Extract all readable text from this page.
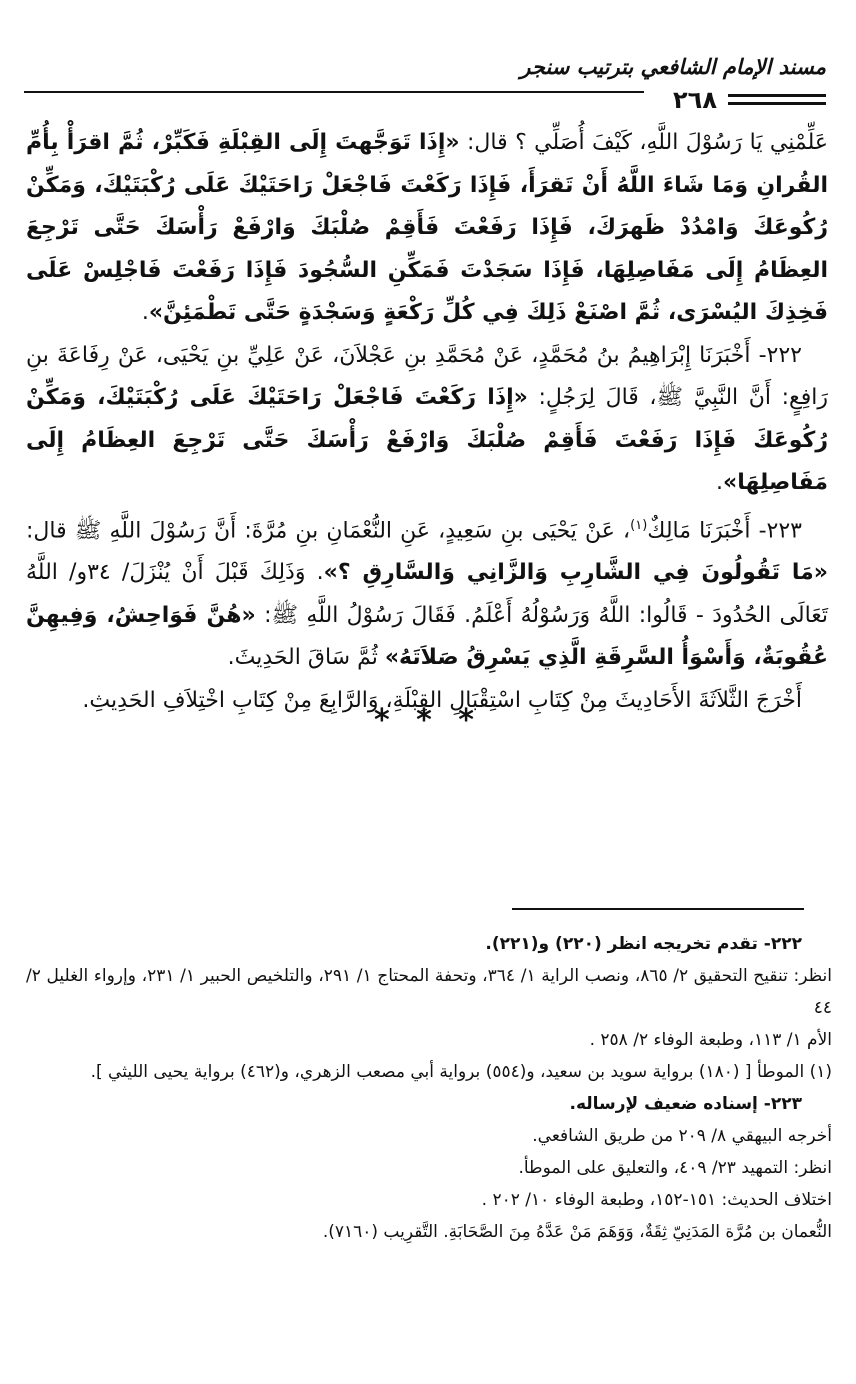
مسند الإمام الشافعي بترتيب سنجر
٢٦٨

عَلِّمْنِي يَا رَسُوْلَ اللَّهِ، كَيْفَ أُصَلِّي ؟ قال: «إِذَا تَوَجَّهتَ إِلَى القِبْلَةِ فَكَبِّرْ، ثُمَّ اقرَأْ بِأُمِّ القُرانِ وَمَا شَاءَ اللَّهُ أَنْ تَقرَأَ، فَإِذَا رَكَعْتَ فَاجْعَلْ رَاحَتَيْكَ عَلَى رُكْبَتَيْكَ، وَمَكِّنْ رُكُوعَكَ وَامْدُدْ ظَهرَكَ، فَإِذَا رَفَعْتَ فَأَقِمْ صُلْبَكَ وَارْفَعْ رَأْسَكَ حَتَّى تَرْجِعَ العِظَامُ إِلَى مَفَاصِلِهَا، فَإِذَا سَجَدْتَ فَمَكِّنِ السُّجُودَ فَإِذَا رَفَعْتَ فَاجْلِسْ عَلَى فَخِذِكَ اليُسْرَى، ثُمَّ اصْنَعْ ذَلِكَ فِي كُلِّ رَكْعَةٍ وَسَجْدَةٍ حَتَّى تَطْمَئِنَّ».

٢٢٢- أَخْبَرَنَا إِبْرَاهِيمُ بنُ مُحَمَّدٍ، عَنْ مُحَمَّدِ بنِ عَجْلاَنَ، عَنْ عَلِيِّ بنِ يَحْيَى، عَنْ رِفَاعَةَ بنِ رَافِعٍ: أَنَّ النَّبِيَّ ﷺ، قَالَ لِرَجُلٍ: «إِذَا رَكَعْتَ فَاجْعَلْ رَاحَتَيْكَ عَلَى رُكْبَتَيْكَ، وَمَكِّنْ رُكُوعَكَ فَإِذَا رَفَعْتَ فَأَقِمْ صُلْبَكَ وَارْفَعْ رَأْسَكَ حَتَّى تَرْجِعَ العِظَامُ إِلَى مَفَاصِلِهَا».

٢٢٣- أَخْبَرَنَا مَالِكٌ$^{(١)}$، عَنْ يَحْيَى بنِ سَعِيدٍ، عَنِ النُّعْمَانِ بنِ مُرَّةَ: أَنَّ رَسُوْلَ اللَّهِ ﷺ قال: «مَا تَقُولُونَ فِي الشَّارِبِ وَالزَّانِي وَالسَّارِقِ ؟». وَذَلِكَ قَبْلَ أَنْ يُنْزَلَ/ ٣٤و/ اللَّهُ تَعَالَى الحُدُودَ - قَالُوا: اللَّهُ وَرَسُوْلُهُ أَعْلَمُ. فَقَالَ رَسُوْلُ اللَّهِ ﷺ: «هُنَّ فَوَاحِشُ، وَفِيهِنَّ عُقُوبَةٌ، وَأَسْوَأُ السَّرِقَةِ الَّذِي يَسْرِقُ صَلاَتَهُ» ثُمَّ سَاقَ الحَدِيثَ.

أَخْرَجَ الثَّلاَثَةَ الأَحَادِيثَ مِنْ كِتَابِ اسْتِقْبَالِ القِبْلَةِ، وَالرَّابِعَ مِنْ كِتَابِ اخْتِلاَفِ الحَدِيثِ.

* * *

٢٢٢- تقدم تخريجه انظر (٢٢٠) و(٢٢١).

انظر: تنقيح التحقيق ٢/ ٨٦٥، ونصب الراية ١/ ٣٦٤، وتحفة المحتاج ١/ ٢٩١، والتلخيص الحبير ١/ ٢٣١، وإرواء الغليل ٢/ ٤٤

الأم ١/ ١١٣، وطبعة الوفاء ٢/ ٢٥٨ .

(١) الموطأ [ (١٨٠) برواية سويد بن سعيد، و(٥٥٤) برواية أبي مصعب الزهري، و(٤٦٢) برواية يحيى الليثي ].

٢٢٣- إسناده ضعيف لإرساله.

أخرجه البيهقي ٨/ ٢٠٩ من طريق الشافعي.

انظر: التمهيد ٢٣/ ٤٠٩، والتعليق على الموطأ.

اختلاف الحديث: ١٥١-١٥٢، وطبعة الوفاء ١٠/ ٢٠٢ .

النُّعمان بن مُرَّة المَدَنِيّ ثِقَةٌ، وَوَهَمَ مَنْ عَدَّهُ مِنَ الصَّحَابَةِ. التَّقرِيب (٧١٦٠).
